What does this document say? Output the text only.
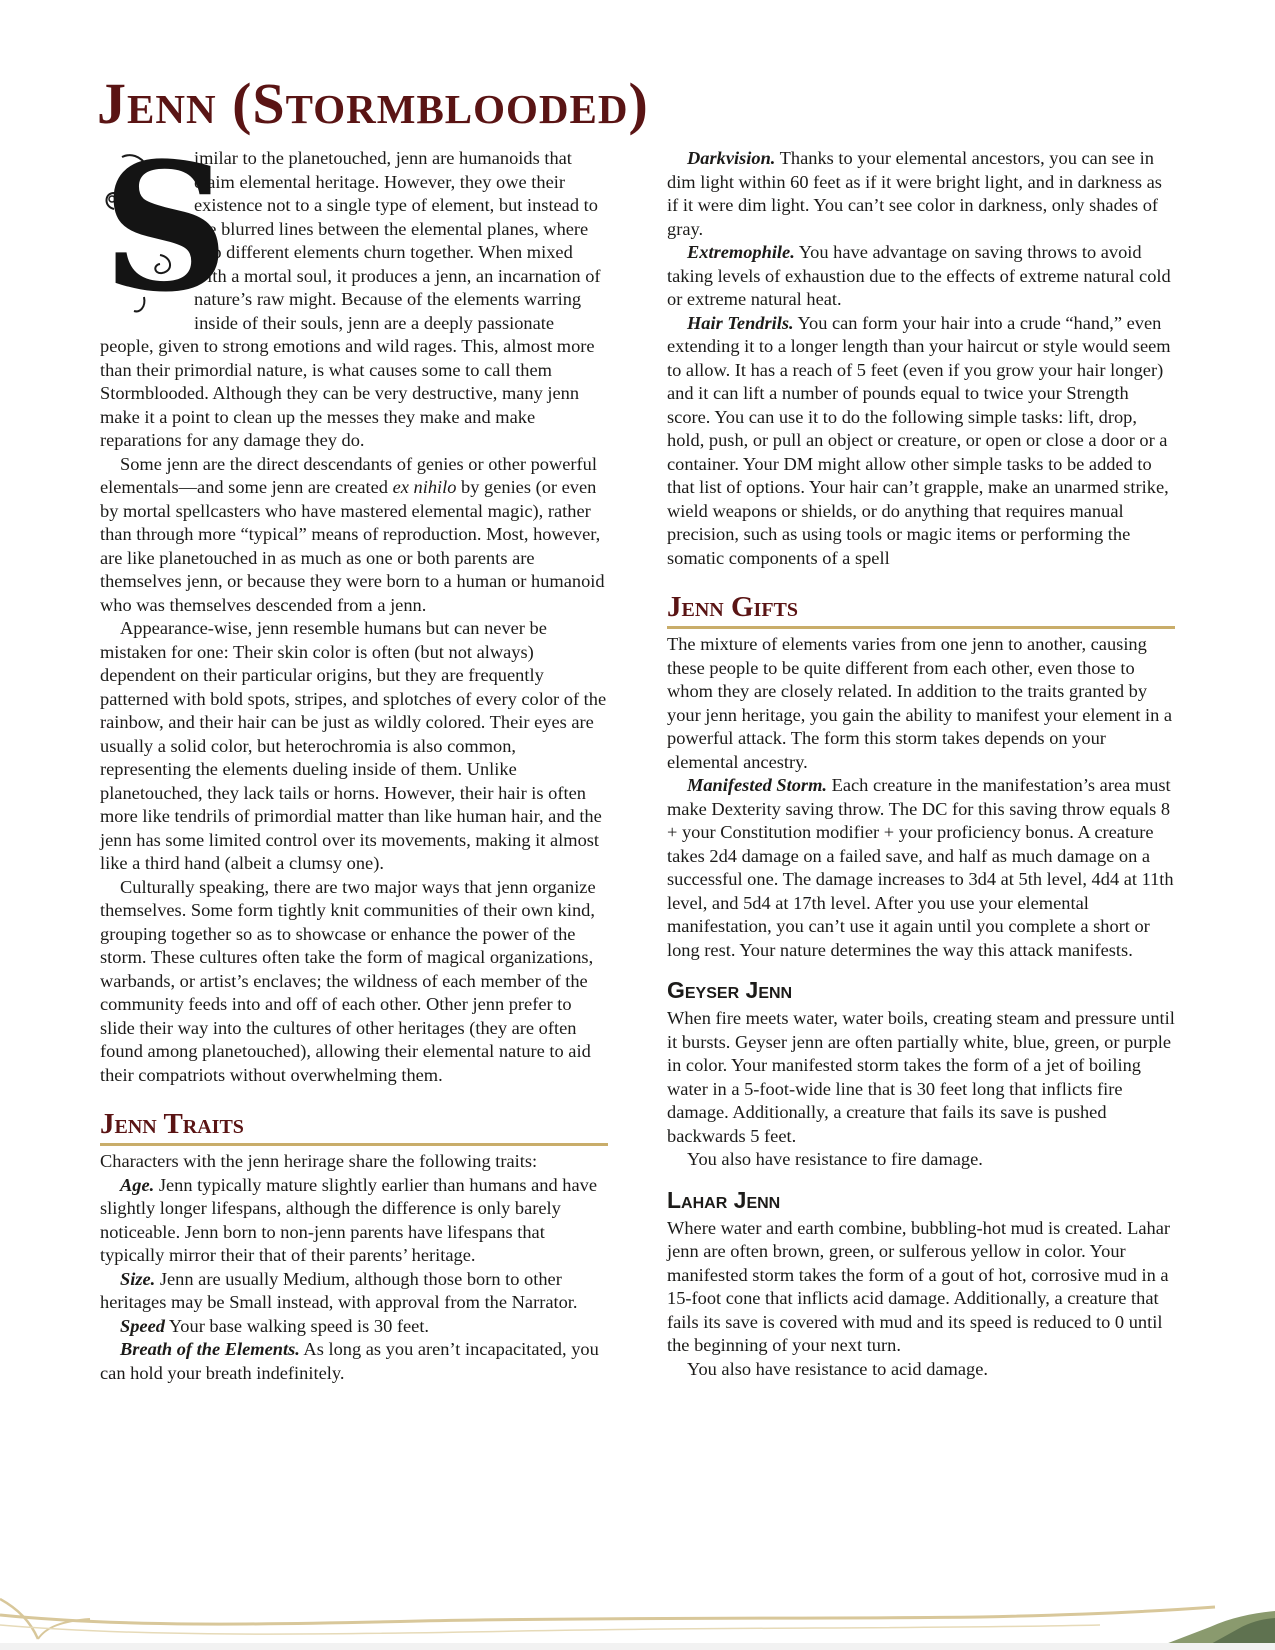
Jenn (Stormblooded)

S
imilar to the planetouched, jenn are humanoids that claim elemental heritage. However, they owe their existence not to a single type of element, but instead to the blurred lines between the elemental planes, where two different elements churn together. When mixed with a mortal soul, it produces a jenn, an incarnation of nature’s raw might. Because of the elements warring inside of their souls, jenn are a deeply passionate people, given to strong emotions and wild rages. This, almost more than their primordial nature, is what causes some to call them Stormblooded. Although they can be very destructive, many jenn make it a point to clean up the messes they make and make reparations for any damage they do.

Some jenn are the direct descendants of genies or other powerful elementals—and some jenn are created ex nihilo by genies (or even by mortal spellcasters who have mastered elemental magic), rather than through more “typical” means of reproduction. Most, however, are like planetouched in as much as one or both parents are themselves jenn, or because they were born to a human or humanoid who was themselves descended from a jenn.

Appearance-wise, jenn resemble humans but can never be mistaken for one: Their skin color is often (but not always) dependent on their particular origins, but they are frequently patterned with bold spots, stripes, and splotches of every color of the rainbow, and their hair can be just as wildly colored. Their eyes are usually a solid color, but heterochromia is also common, representing the elements dueling inside of them. Unlike planetouched, they lack tails or horns. However, their hair is often more like tendrils of primordial matter than like human hair, and the jenn has some limited control over its movements, making it almost like a third hand (albeit a clumsy one).

Culturally speaking, there are two major ways that jenn organize themselves. Some form tightly knit communities of their own kind, grouping together so as to showcase or enhance the power of the storm. These cultures often take the form of magical organizations, warbands, or artist’s enclaves; the wildness of each member of the community feeds into and off of each other. Other jenn prefer to slide their way into the cultures of other heritages (they are often found among planetouched), allowing their elemental nature to aid their compatriots without overwhelming them.

Jenn Traits

Characters with the jenn herirage share the following traits:

Age. Jenn typically mature slightly earlier than humans and have slightly longer lifespans, although the difference is only barely noticeable. Jenn born to non-jenn parents have lifespans that typically mirror their that of their parents’ heritage.

Size. Jenn are usually Medium, although those born to other heritages may be Small instead, with approval from the Narrator.

Speed Your base walking speed is 30 feet.

Breath of the Elements. As long as you aren’t incapacitated, you can hold your breath indefinitely.

Darkvision. Thanks to your elemental ancestors, you can see in dim light within 60 feet as if it were bright light, and in darkness as if it were dim light. You can’t see color in darkness, only shades of gray.

Extremophile. You have advantage on saving throws to avoid taking levels of exhaustion due to the effects of extreme natural cold or extreme natural heat.

Hair Tendrils. You can form your hair into a crude “hand,” even extending it to a longer length than your haircut or style would seem to allow. It has a reach of 5 feet (even if you grow your hair longer) and it can lift a number of pounds equal to twice your Strength score. You can use it to do the following simple tasks: lift, drop, hold, push, or pull an object or creature, or open or close a door or a container. Your DM might allow other simple tasks to be added to that list of options. Your hair can’t grapple, make an unarmed strike, wield weapons or shields, or do anything that requires manual precision, such as using tools or magic items or performing the somatic components of a spell

Jenn Gifts

The mixture of elements varies from one jenn to another, causing these people to be quite different from each other, even those to whom they are closely related. In addition to the traits granted by your jenn heritage, you gain the ability to manifest your element in a powerful attack. The form this storm takes depends on your elemental ancestry.

Manifested Storm. Each creature in the manifestation’s area must make Dexterity saving throw. The DC for this saving throw equals 8 + your Constitution modifier + your proficiency bonus. A creature takes 2d4 damage on a failed save, and half as much damage on a successful one. The damage increases to 3d4 at 5th level, 4d4 at 11th level, and 5d4 at 17th level. After you use your elemental manifestation, you can’t use it again until you complete a short or long rest. Your nature determines the way this attack manifests.

Geyser Jenn

When fire meets water, water boils, creating steam and pressure until it bursts. Geyser jenn are often partially white, blue, green, or purple in color. Your manifested storm takes the form of a jet of boiling water in a 5-foot-wide line that is 30 feet long that inflicts fire damage. Additionally, a creature that fails its save is pushed backwards 5 feet.

You also have resistance to fire damage.

Lahar Jenn

Where water and earth combine, bubbling-hot mud is created. Lahar jenn are often brown, green, or sulferous yellow in color. Your manifested storm takes the form of a gout of hot, corrosive mud in a 15-foot cone that inflicts acid damage. Additionally, a creature that fails its save is covered with mud and its speed is reduced to 0 until the beginning of your next turn.

You also have resistance to acid damage.
